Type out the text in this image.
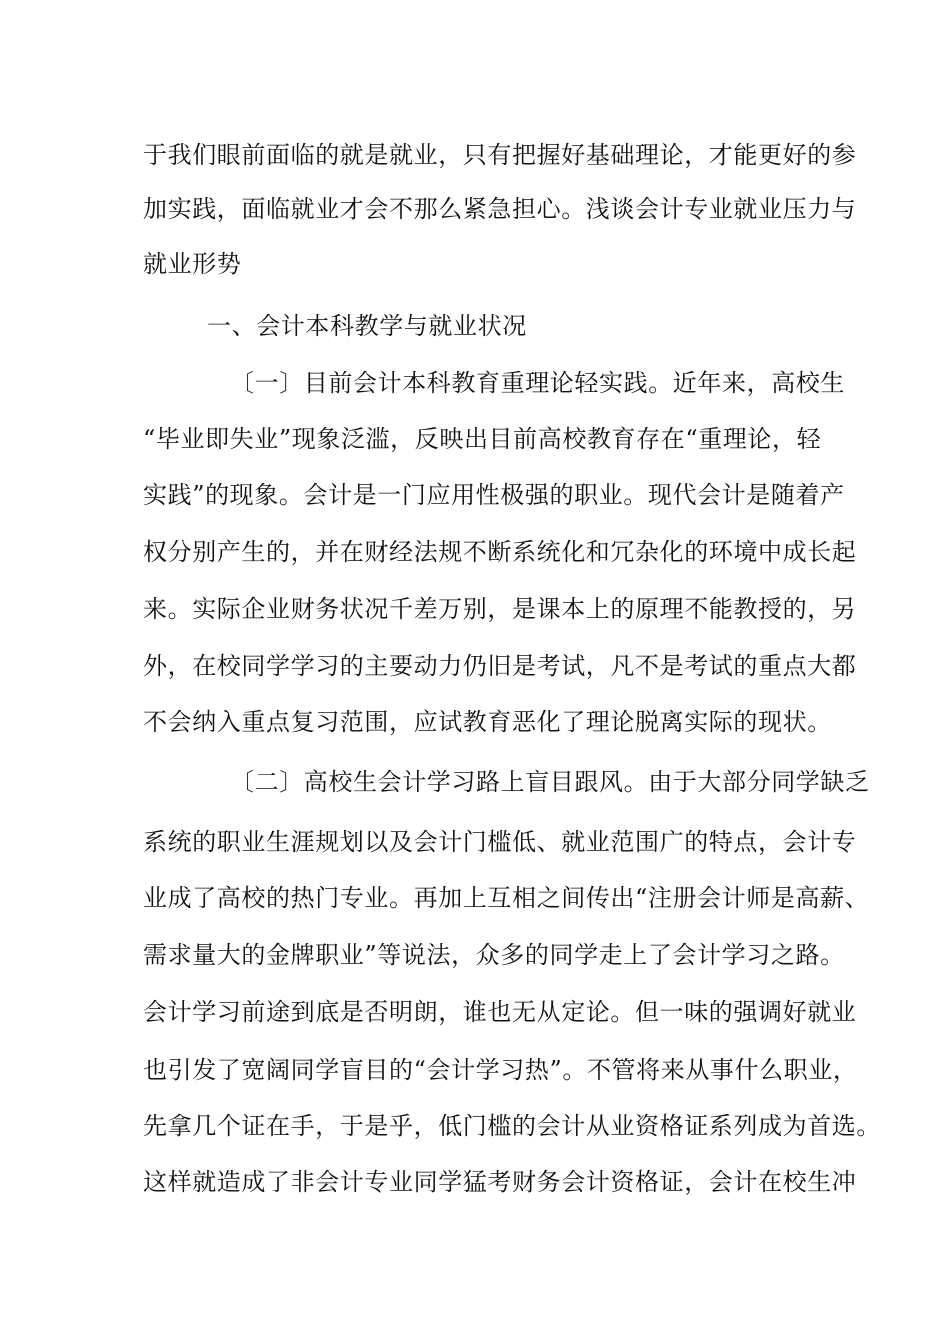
于我们眼前面临的就是就业，只有把握好基础理论，才能更好的参
加实践，面临就业才会不那么紧急担心。浅谈会计专业就业压力与
就业形势
一、会计本科教学与就业状况
〔一〕目前会计本科教育重理论轻实践。近年来，高校生
“毕业即失业”现象泛滥，反映出目前高校教育存在“重理论，轻
实践”的现象。会计是一门应用性极强的职业。现代会计是随着产
权分别产生的，并在财经法规不断系统化和冗杂化的环境中成长起
来。实际企业财务状况千差万别，是课本上的原理不能教授的，另
外，在校同学学习的主要动力仍旧是考试，凡不是考试的重点大都
不会纳入重点复习范围，应试教育恶化了理论脱离实际的现状。
〔二〕高校生会计学习路上盲目跟风。由于大部分同学缺乏
系统的职业生涯规划以及会计门槛低、就业范围广的特点，会计专
业成了高校的热门专业。再加上互相之间传出“注册会计师是高薪、
需求量大的金牌职业”等说法，众多的同学走上了会计学习之路。
会计学习前途到底是否明朗，谁也无从定论。但一味的强调好就业
也引发了宽阔同学盲目的“会计学习热”。不管将来从事什么职业，
先拿几个证在手，于是乎，低门槛的会计从业资格证系列成为首选。
这样就造成了非会计专业同学猛考财务会计资格证，会计在校生冲
